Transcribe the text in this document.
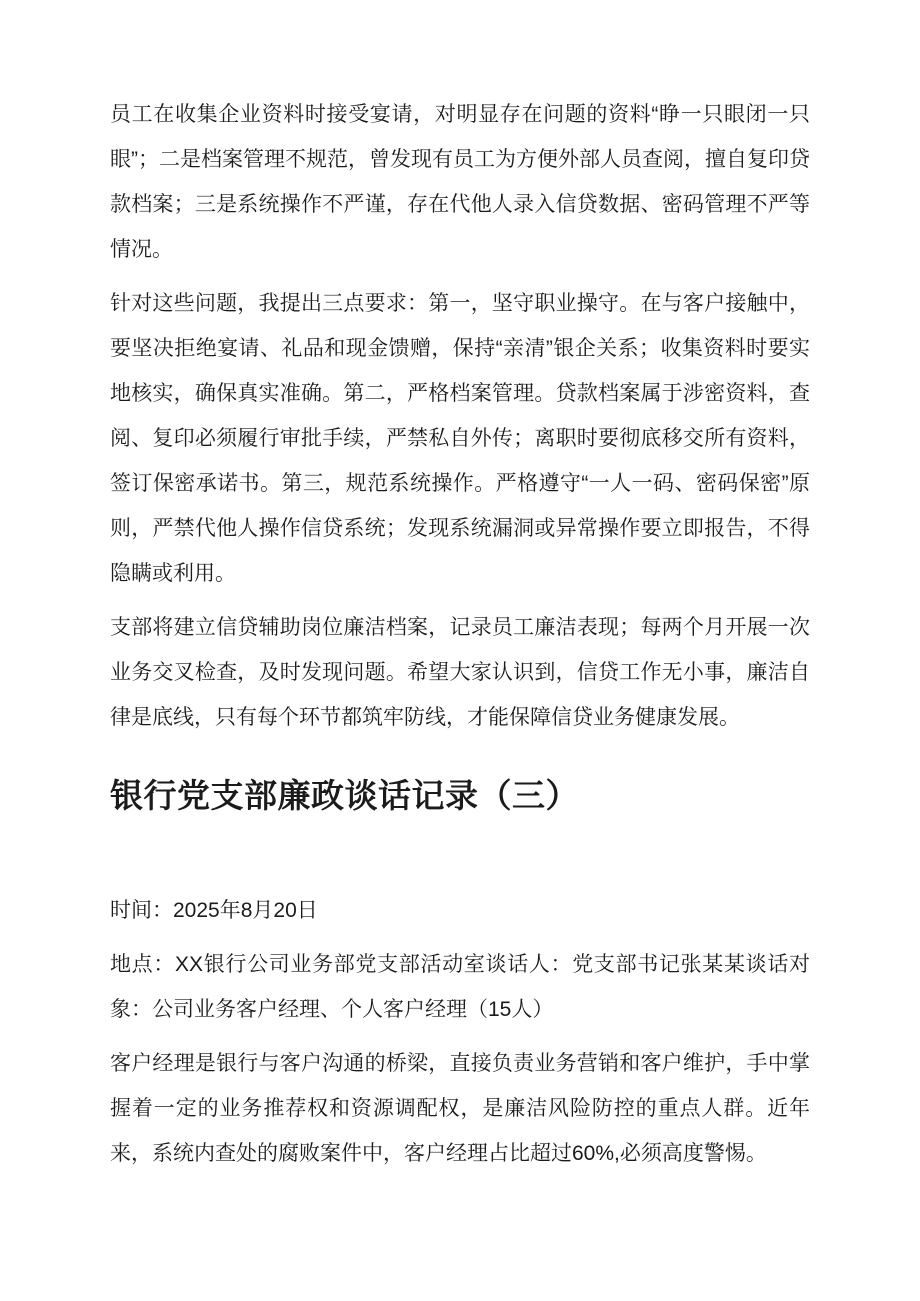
员工在收集企业资料时接受宴请，对明显存在问题的资料“睁一只眼闭一只眼”；二是档案管理不规范，曾发现有员工为方便外部人员查阅，擅自复印贷款档案；三是系统操作不严谨，存在代他人录入信贷数据、密码管理不严等情况。

针对这些问题，我提出三点要求：第一，坚守职业操守。在与客户接触中，要坚决拒绝宴请、礼品和现金馈赠，保持“亲清”银企关系；收集资料时要实地核实，确保真实准确。第二，严格档案管理。贷款档案属于涉密资料，查阅、复印必须履行审批手续，严禁私自外传；离职时要彻底移交所有资料，签订保密承诺书。第三，规范系统操作。严格遵守“一人一码、密码保密”原则，严禁代他人操作信贷系统；发现系统漏洞或异常操作要立即报告，不得隐瞒或利用。

支部将建立信贷辅助岗位廉洁档案，记录员工廉洁表现；每两个月开展一次业务交叉检查，及时发现问题。希望大家认识到，信贷工作无小事，廉洁自律是底线，只有每个环节都筑牢防线，才能保障信贷业务健康发展。

银行党支部廉政谈话记录（三）

时间：2025年8月20日

地点：XX银行公司业务部党支部活动室谈话人：党支部书记张某某谈话对象：公司业务客户经理、个人客户经理（15人）

客户经理是银行与客户沟通的桥梁，直接负责业务营销和客户维护，手中掌握着一定的业务推荐权和资源调配权，是廉洁风险防控的重点人群。近年来，系统内查处的腐败案件中，客户经理占比超过60%,必须高度警惕。
